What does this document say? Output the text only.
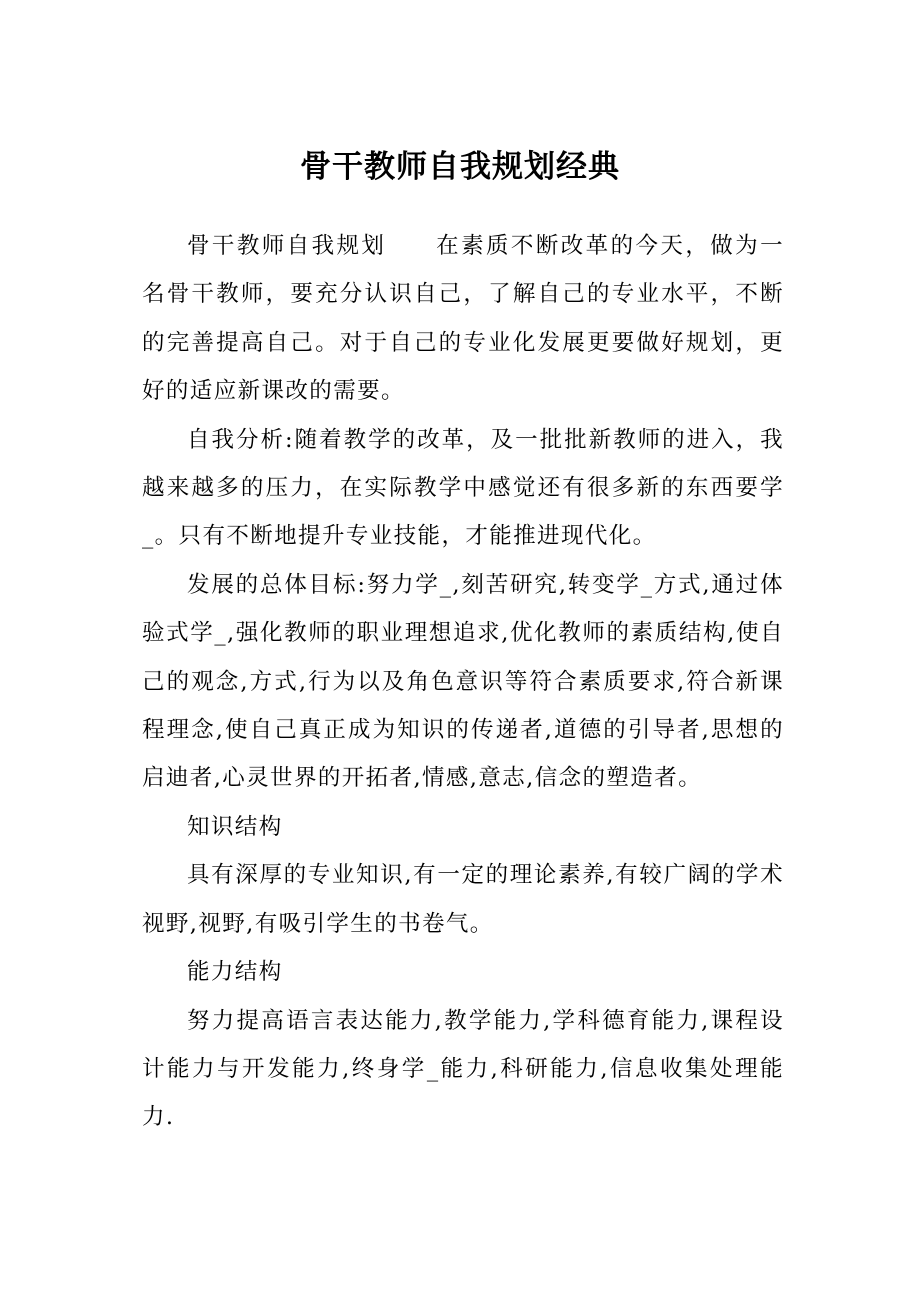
骨干教师自我规划经典

骨干教师自我规划　　在素质不断改革的今天，做为一名骨干教师，要充分认识自己，了解自己的专业水平，不断的完善提高自己。对于自己的专业化发展更要做好规划，更好的适应新课改的需要。

自我分析:随着教学的改革，及一批批新教师的进入，我越来越多的压力，在实际教学中感觉还有很多新的东西要学_。只有不断地提升专业技能，才能推进现代化。

发展的总体目标:努力学_,刻苦研究,转变学_方式,通过体验式学_,强化教师的职业理想追求,优化教师的素质结构,使自己的观念,方式,行为以及角色意识等符合素质要求,符合新课程理念,使自己真正成为知识的传递者,道德的引导者,思想的启迪者,心灵世界的开拓者,情感,意志,信念的塑造者。

知识结构

具有深厚的专业知识,有一定的理论素养,有较广阔的学术视野,视野,有吸引学生的书卷气。

能力结构

努力提高语言表达能力,教学能力,学科德育能力,课程设计能力与开发能力,终身学_能力,科研能力,信息收集处理能力.
